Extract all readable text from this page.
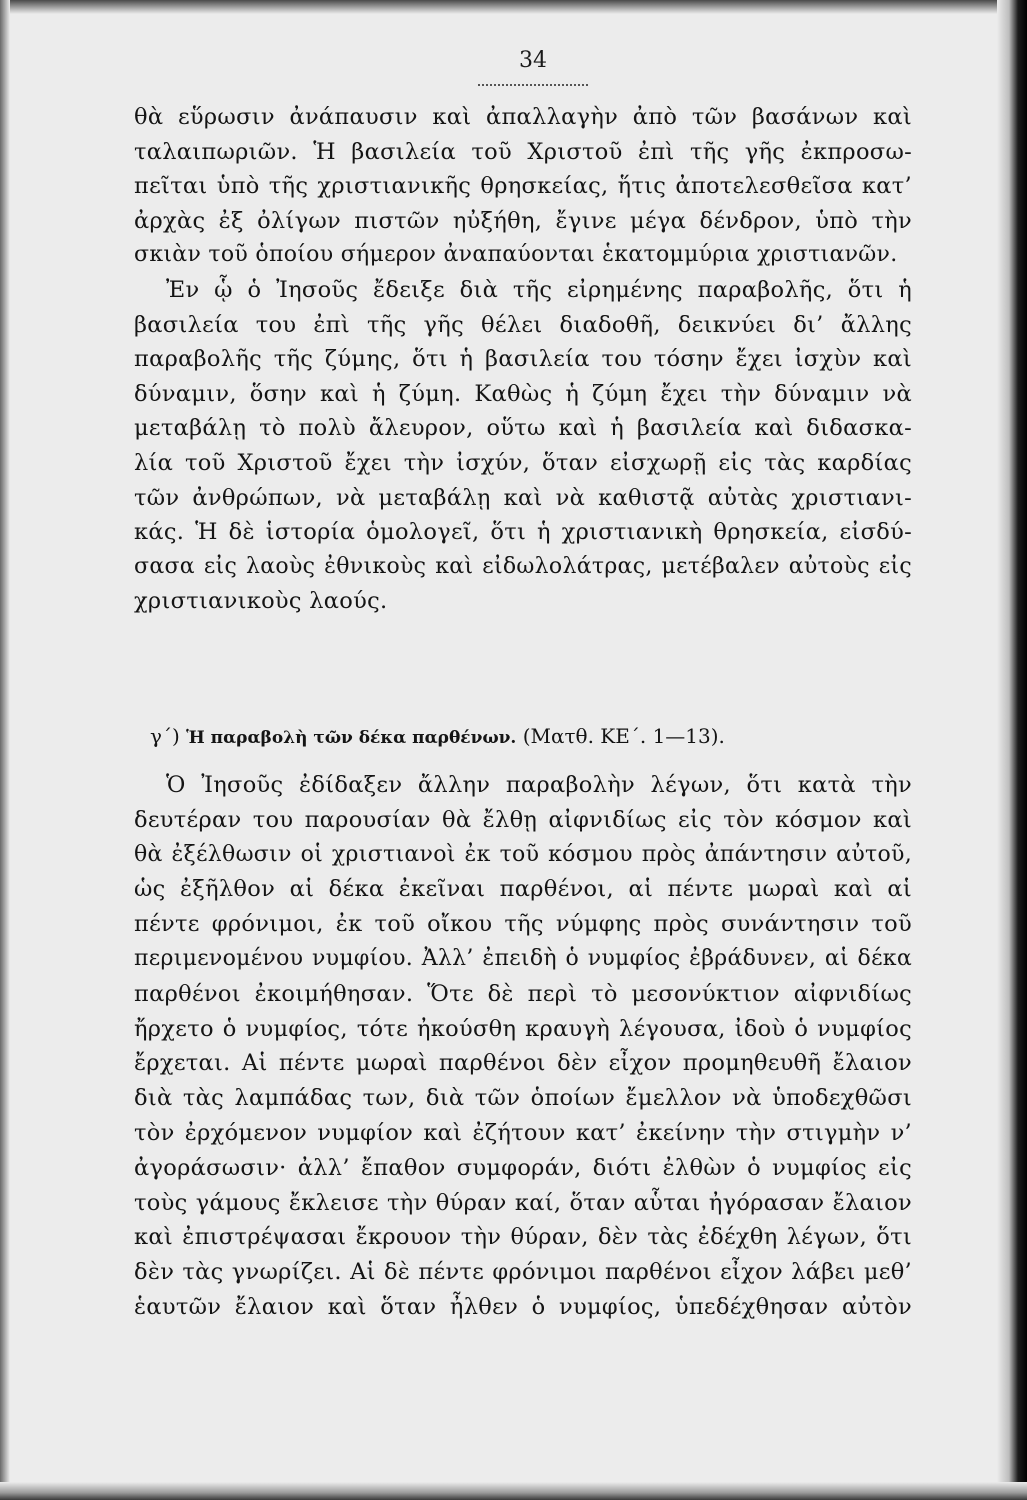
34
θὰ εὕρωσιν ἀνάπαυσιν καὶ ἀπαλλαγὴν ἀπὸ τῶν βασάνων καὶ
ταλαιπωριῶν. Ἡ βασιλεία τοῦ Χριστοῦ ἐπὶ τῆς γῆς ἐκπροσω-
πεῖται ὑπὸ τῆς χριστιανικῆς θρησκείας, ἥτις ἀποτελεσθεῖσα κατ’
ἀρχὰς ἐξ ὀλίγων πιστῶν ηὐξήθη, ἔγινε μέγα δένδρον, ὑπὸ τὴν
σκιὰν τοῦ ὁποίου σήμερον ἀναπαύονται ἑκατομμύρια χριστιανῶν.
Ἐν ᾧ ὁ Ἰησοῦς ἔδειξε διὰ τῆς εἰρημένης παραβολῆς, ὅτι ἡ
βασιλεία του ἐπὶ τῆς γῆς θέλει διαδοθῆ, δεικνύει δι’ ἄλλης
παραβολῆς τῆς ζύμης, ὅτι ἡ βασιλεία του τόσην ἔχει ἰσχὺν καὶ
δύναμιν, ὅσην καὶ ἡ ζύμη. Καθὼς ἡ ζύμη ἔχει τὴν δύναμιν νὰ
μεταβάλῃ τὸ πολὺ ἄλευρον, οὕτω καὶ ἡ βασιλεία καὶ διδασκα-
λία τοῦ Χριστοῦ ἔχει τὴν ἰσχύν, ὅταν εἰσχωρῇ εἰς τὰς καρδίας
τῶν ἀνθρώπων, νὰ μεταβάλῃ καὶ νὰ καθιστᾷ αὐτὰς χριστιανι-
κάς. Ἡ δὲ ἱστορία ὁμολογεῖ, ὅτι ἡ χριστιανικὴ θρησκεία, εἰσδύ-
σασα εἰς λαοὺς ἐθνικοὺς καὶ εἰδωλολάτρας, μετέβαλεν αὐτοὺς εἰς
χριστιανικοὺς λαούς.
γ΄) Ἡ παραβολὴ τῶν δέκα παρθένων. (Ματθ. ΚΕ΄. 1—13).
Ὁ Ἰησοῦς ἐδίδαξεν ἄλλην παραβολὴν λέγων, ὅτι κατὰ τὴν
δευτέραν του παρουσίαν θὰ ἔλθῃ αἰφνιδίως εἰς τὸν κόσμον καὶ
θὰ ἐξέλθωσιν οἱ χριστιανοὶ ἐκ τοῦ κόσμου πρὸς ἀπάντησιν αὐτοῦ,
ὡς ἐξῆλθον αἱ δέκα ἐκεῖναι παρθένοι, αἱ πέντε μωραὶ καὶ αἱ
πέντε φρόνιμοι, ἐκ τοῦ οἴκου τῆς νύμφης πρὸς συνάντησιν τοῦ
περιμενομένου νυμφίου. Ἀλλ’ ἐπειδὴ ὁ νυμφίος ἐβράδυνεν, αἱ δέκα
παρθένοι ἐκοιμήθησαν. Ὅτε δὲ περὶ τὸ μεσονύκτιον αἰφνιδίως
ἤρχετο ὁ νυμφίος, τότε ἠκούσθη κραυγὴ λέγουσα, ἰδοὺ ὁ νυμφίος
ἔρχεται. Αἱ πέντε μωραὶ παρθένοι δὲν εἶχον προμηθευθῆ ἔλαιον
διὰ τὰς λαμπάδας των, διὰ τῶν ὁποίων ἔμελλον νὰ ὑποδεχθῶσι
τὸν ἐρχόμενον νυμφίον καὶ ἐζήτουν κατ’ ἐκείνην τὴν στιγμὴν ν’
ἀγοράσωσιν· ἀλλ’ ἔπαθον συμφοράν, διότι ἐλθὼν ὁ νυμφίος εἰς
τοὺς γάμους ἔκλεισε τὴν θύραν καί, ὅταν αὗται ἠγόρασαν ἔλαιον
καὶ ἐπιστρέψασαι ἔκρουον τὴν θύραν, δὲν τὰς ἐδέχθη λέγων, ὅτι
δὲν τὰς γνωρίζει. Αἱ δὲ πέντε φρόνιμοι παρθένοι εἶχον λάβει μεθ’
ἑαυτῶν ἔλαιον καὶ ὅταν ἦλθεν ὁ νυμφίος, ὑπεδέχθησαν αὐτὸν
